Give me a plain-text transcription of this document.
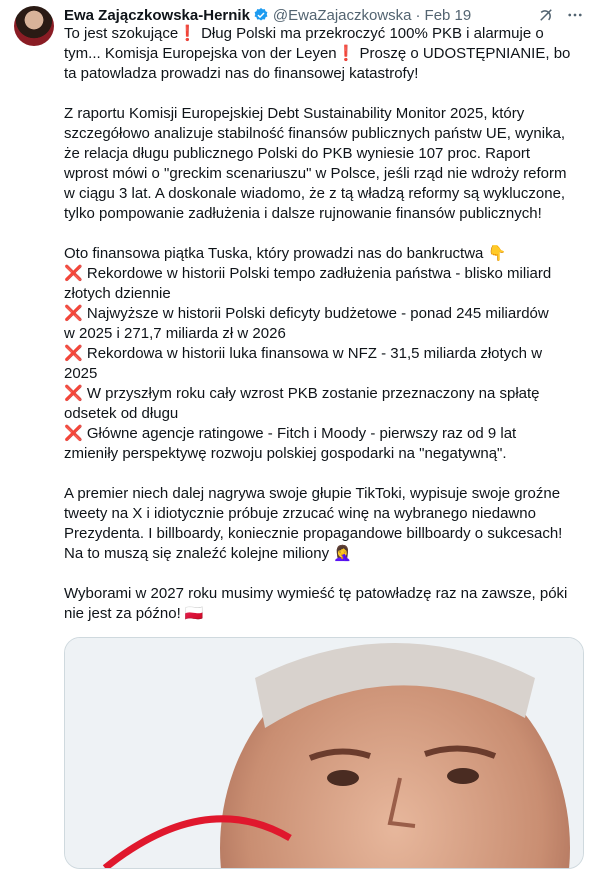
Ewa Zajączkowska-Hernik @EwaZajaczkowska · Feb 19
To jest szokujące❗ Dług Polski ma przekroczyć 100% PKB i alarmuje o
tym... Komisja Europejska von der Leyen❗ Proszę o UDOSTĘPNIANIE, bo
ta patowladza prowadzi nas do finansowej katastrofy!
Z raportu Komisji Europejskiej Debt Sustainability Monitor 2025, który
szczegółowo analizuje stabilność finansów publicznych państw UE, wynika,
że relacja długu publicznego Polski do PKB wyniesie 107 proc. Raport
wprost mówi o "greckim scenariuszu" w Polsce, jeśli rząd nie wdroży reform
w ciągu 3 lat. A doskonale wiadomo, że z tą władzą reformy są wykluczone,
tylko pompowanie zadłużenia i dalsze rujnowanie finansów publicznych!
Oto finansowa piątka Tuska, który prowadzi nas do bankructwa 👇
❌ Rekordowe w historii Polski tempo zadłużenia państwa - blisko miliard
złotych dziennie
❌ Najwyższe w historii Polski deficyty budżetowe - ponad 245 miliardów
w 2025 i 271,7 miliarda zł w 2026
❌ Rekordowa w historii luka finansowa w NFZ - 31,5 miliarda złotych w
2025
❌ W przyszłym roku cały wzrost PKB zostanie przeznaczony na spłatę
odsetek od długu
❌ Główne agencje ratingowe - Fitch i Moody - pierwszy raz od 9 lat
zmieniły perspektywę rozwoju polskiej gospodarki na "negatywną".
A premier niech dalej nagrywa swoje głupie TikToki, wypisuje swoje groźne
tweety na X i idiotycznie próbuje zrzucać winę na wybranego niedawno
Prezydenta. I billboardy, koniecznie propagandowe billboardy o sukcesach!
Na to muszą się znaleźć kolejne miliony 🤦‍♀️
Wyborami w 2027 roku musimy wymieść tę patowładzę raz na zawsze, póki
nie jest za późno! 🇵🇱
